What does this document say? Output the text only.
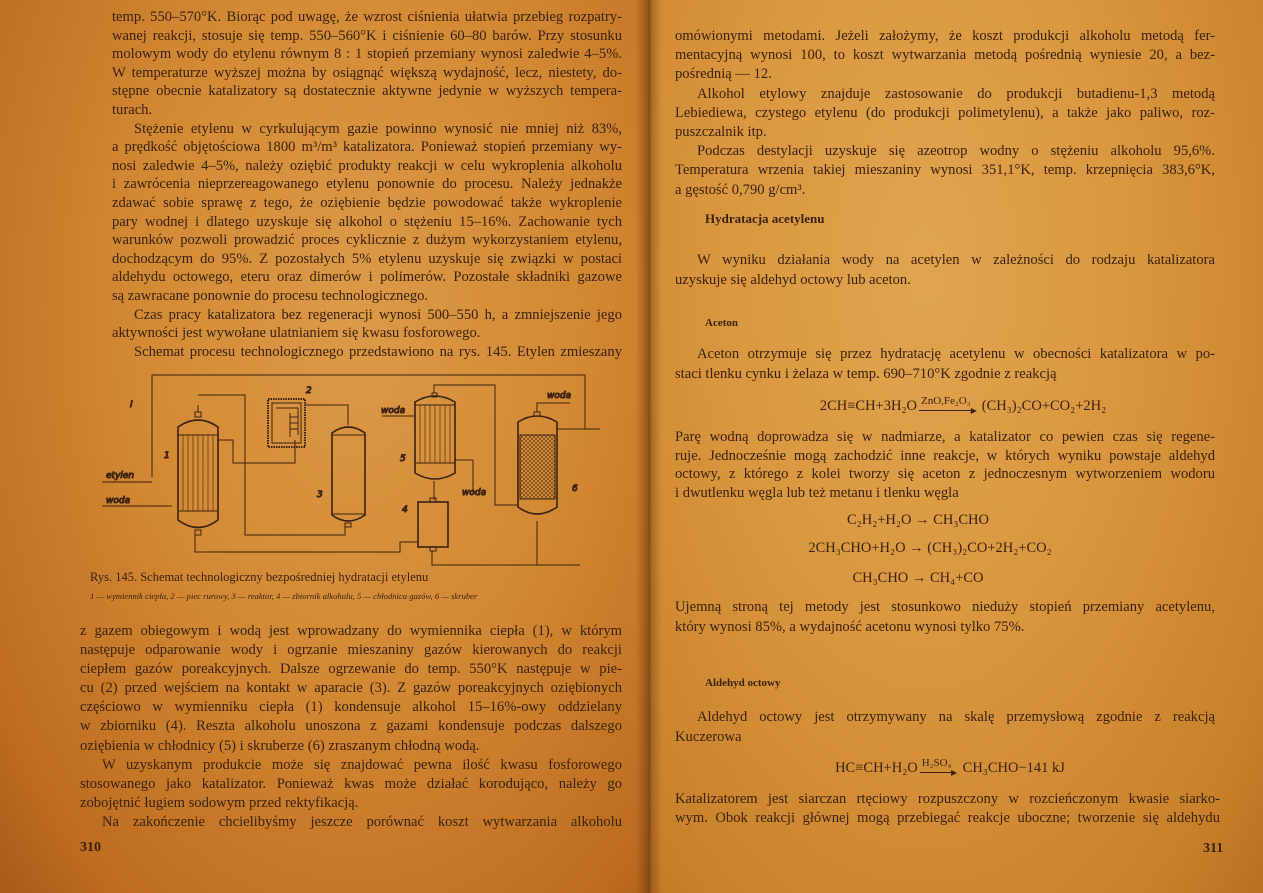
temp. 550–570°K. Biorąc pod uwagę, że wzrost ciśnienia ułatwia przebieg rozpatry-
wanej reakcji, stosuje się temp. 550–560°K i ciśnienie 60–80 barów. Przy stosunku
molowym wody do etylenu równym 8 : 1 stopień przemiany wynosi zaledwie 4–5%.
W temperaturze wyższej można by osiągnąć większą wydajność, lecz, niestety, do-
stępne obecnie katalizatory są dostatecznie aktywne jedynie w wyższych tempera-
turach.
Stężenie etylenu w cyrkulującym gazie powinno wynosić nie mniej niż 83%,
a prędkość objętościowa 1800 m³/m³ katalizatora. Ponieważ stopień przemiany wy-
nosi zaledwie 4–5%, należy oziębić produkty reakcji w celu wykroplenia alkoholu
i zawrócenia nieprzereagowanego etylenu ponownie do procesu. Należy jednakże
zdawać sobie sprawę z tego, że oziębienie będzie powodować także wykroplenie
pary wodnej i dlatego uzyskuje się alkohol o stężeniu 15–16%. Zachowanie tych
warunków pozwoli prowadzić proces cyklicznie z dużym wykorzystaniem etylenu,
dochodzącym do 95%. Z pozostałych 5% etylenu uzyskuje się związki w postaci
aldehydu octowego, eteru oraz dimerów i polimerów. Pozostałe składniki gazowe
są zawracane ponownie do procesu technologicznego.
Czas pracy katalizatora bez regeneracji wynosi 500–550 h, a zmniejszenie jego
aktywności jest wywołane ulatnianiem się kwasu fosforowego.
Schemat procesu technologicznego przedstawiono na rys. 145. Etylen zmieszany
z gazem obiegowym i wodą jest wprowadzany do wymiennika ciepła (1), w którym
następuje odparowanie wody i ogrzanie mieszaniny gazów kierowanych do reakcji
ciepłem gazów poreakcyjnych. Dalsze ogrzewanie do temp. 550°K następuje w pie-
cu (2) przed wejściem na kontakt w aparacie (3). Z gazów poreakcyjnych oziębionych
częściowo w wymienniku ciepła (1) kondensuje alkohol 15–16%-owy oddzielany
w zbiorniku (4). Reszta alkoholu unoszona z gazami kondensuje podczas dalszego
oziębienia w chłodnicy (5) i skruberze (6) zraszanym chłodną wodą.
W uzyskanym produkcie może się znajdować pewna ilość kwasu fosforowego
stosowanego jako katalizator. Ponieważ kwas może działać korodująco, należy go
zobojętnić ługiem sodowym przed rektyfikacją.
Na zakończenie chcielibyśmy jeszcze porównać koszt wytwarzania alkoholu
etylen
woda
woda
woda
woda
1
2
3
4
5
6
I
Rys. 145. Schemat technologiczny bezpośredniej hydratacji etylenu
1 — wymiennik ciepła, 2 — piec rurowy, 3 — reaktor, 4 — zbiornik alkoholu, 5 — chłodnica gazów, 6 — skruber
310
omówionymi metodami. Jeżeli założymy, że koszt produkcji alkoholu metodą fer-
mentacyjną wynosi 100, to koszt wytwarzania metodą pośrednią wyniesie 20, a bez-
pośrednią — 12.
Alkohol etylowy znajduje zastosowanie do produkcji butadienu-1,3 metodą
Lebiediewa, czystego etylenu (do produkcji polimetylenu), a także jako paliwo, roz-
puszczalnik itp.
Podczas destylacji uzyskuje się azeotrop wodny o stężeniu alkoholu 95,6%.
Temperatura wrzenia takiej mieszaniny wynosi 351,1°K, temp. krzepnięcia 383,6°K,
a gęstość 0,790 g/cm³.
W wyniku działania wody na acetylen w zależności do rodzaju katalizatora
uzyskuje się aldehyd octowy lub aceton.
Aceton otrzymuje się przez hydratację acetylenu w obecności katalizatora w po-
staci tlenku cynku i żelaza w temp. 690–710°K zgodnie z reakcją
Parę wodną doprowadza się w nadmiarze, a katalizator co pewien czas się regene-
ruje. Jednocześnie mogą zachodzić inne reakcje, w których wyniku powstaje aldehyd
octowy, z którego z kolei tworzy się aceton z jednoczesnym wytworzeniem wodoru
i dwutlenku węgla lub też metanu i tlenku węgla
Ujemną stroną tej metody jest stosunkowo nieduży stopień przemiany acetylenu,
który wynosi 85%, a wydajność acetonu wynosi tylko 75%.
Aldehyd octowy jest otrzymywany na skalę przemysłową zgodnie z reakcją
Kuczerowa
Katalizatorem jest siarczan rtęciowy rozpuszczony w rozcieńczonym kwasie siarko-
wym. Obok reakcji głównej mogą przebiegać reakcje uboczne; tworzenie się aldehydu
Hydratacja acetylenu
Aceton
Aldehyd octowy
2CH≡CH+3H₂O ZnO,Fe₂O₃ (CH₃)₂CO+CO₂+2H₂
C₂H₂+H₂O → CH₃CHO
2CH₃CHO+H₂O → (CH₃)₂CO+2H₂+CO₂
CH₃CHO → CH₄+CO
HC≡CH+H₂O H₂SO₄ CH₃CHO−141 kJ
311
